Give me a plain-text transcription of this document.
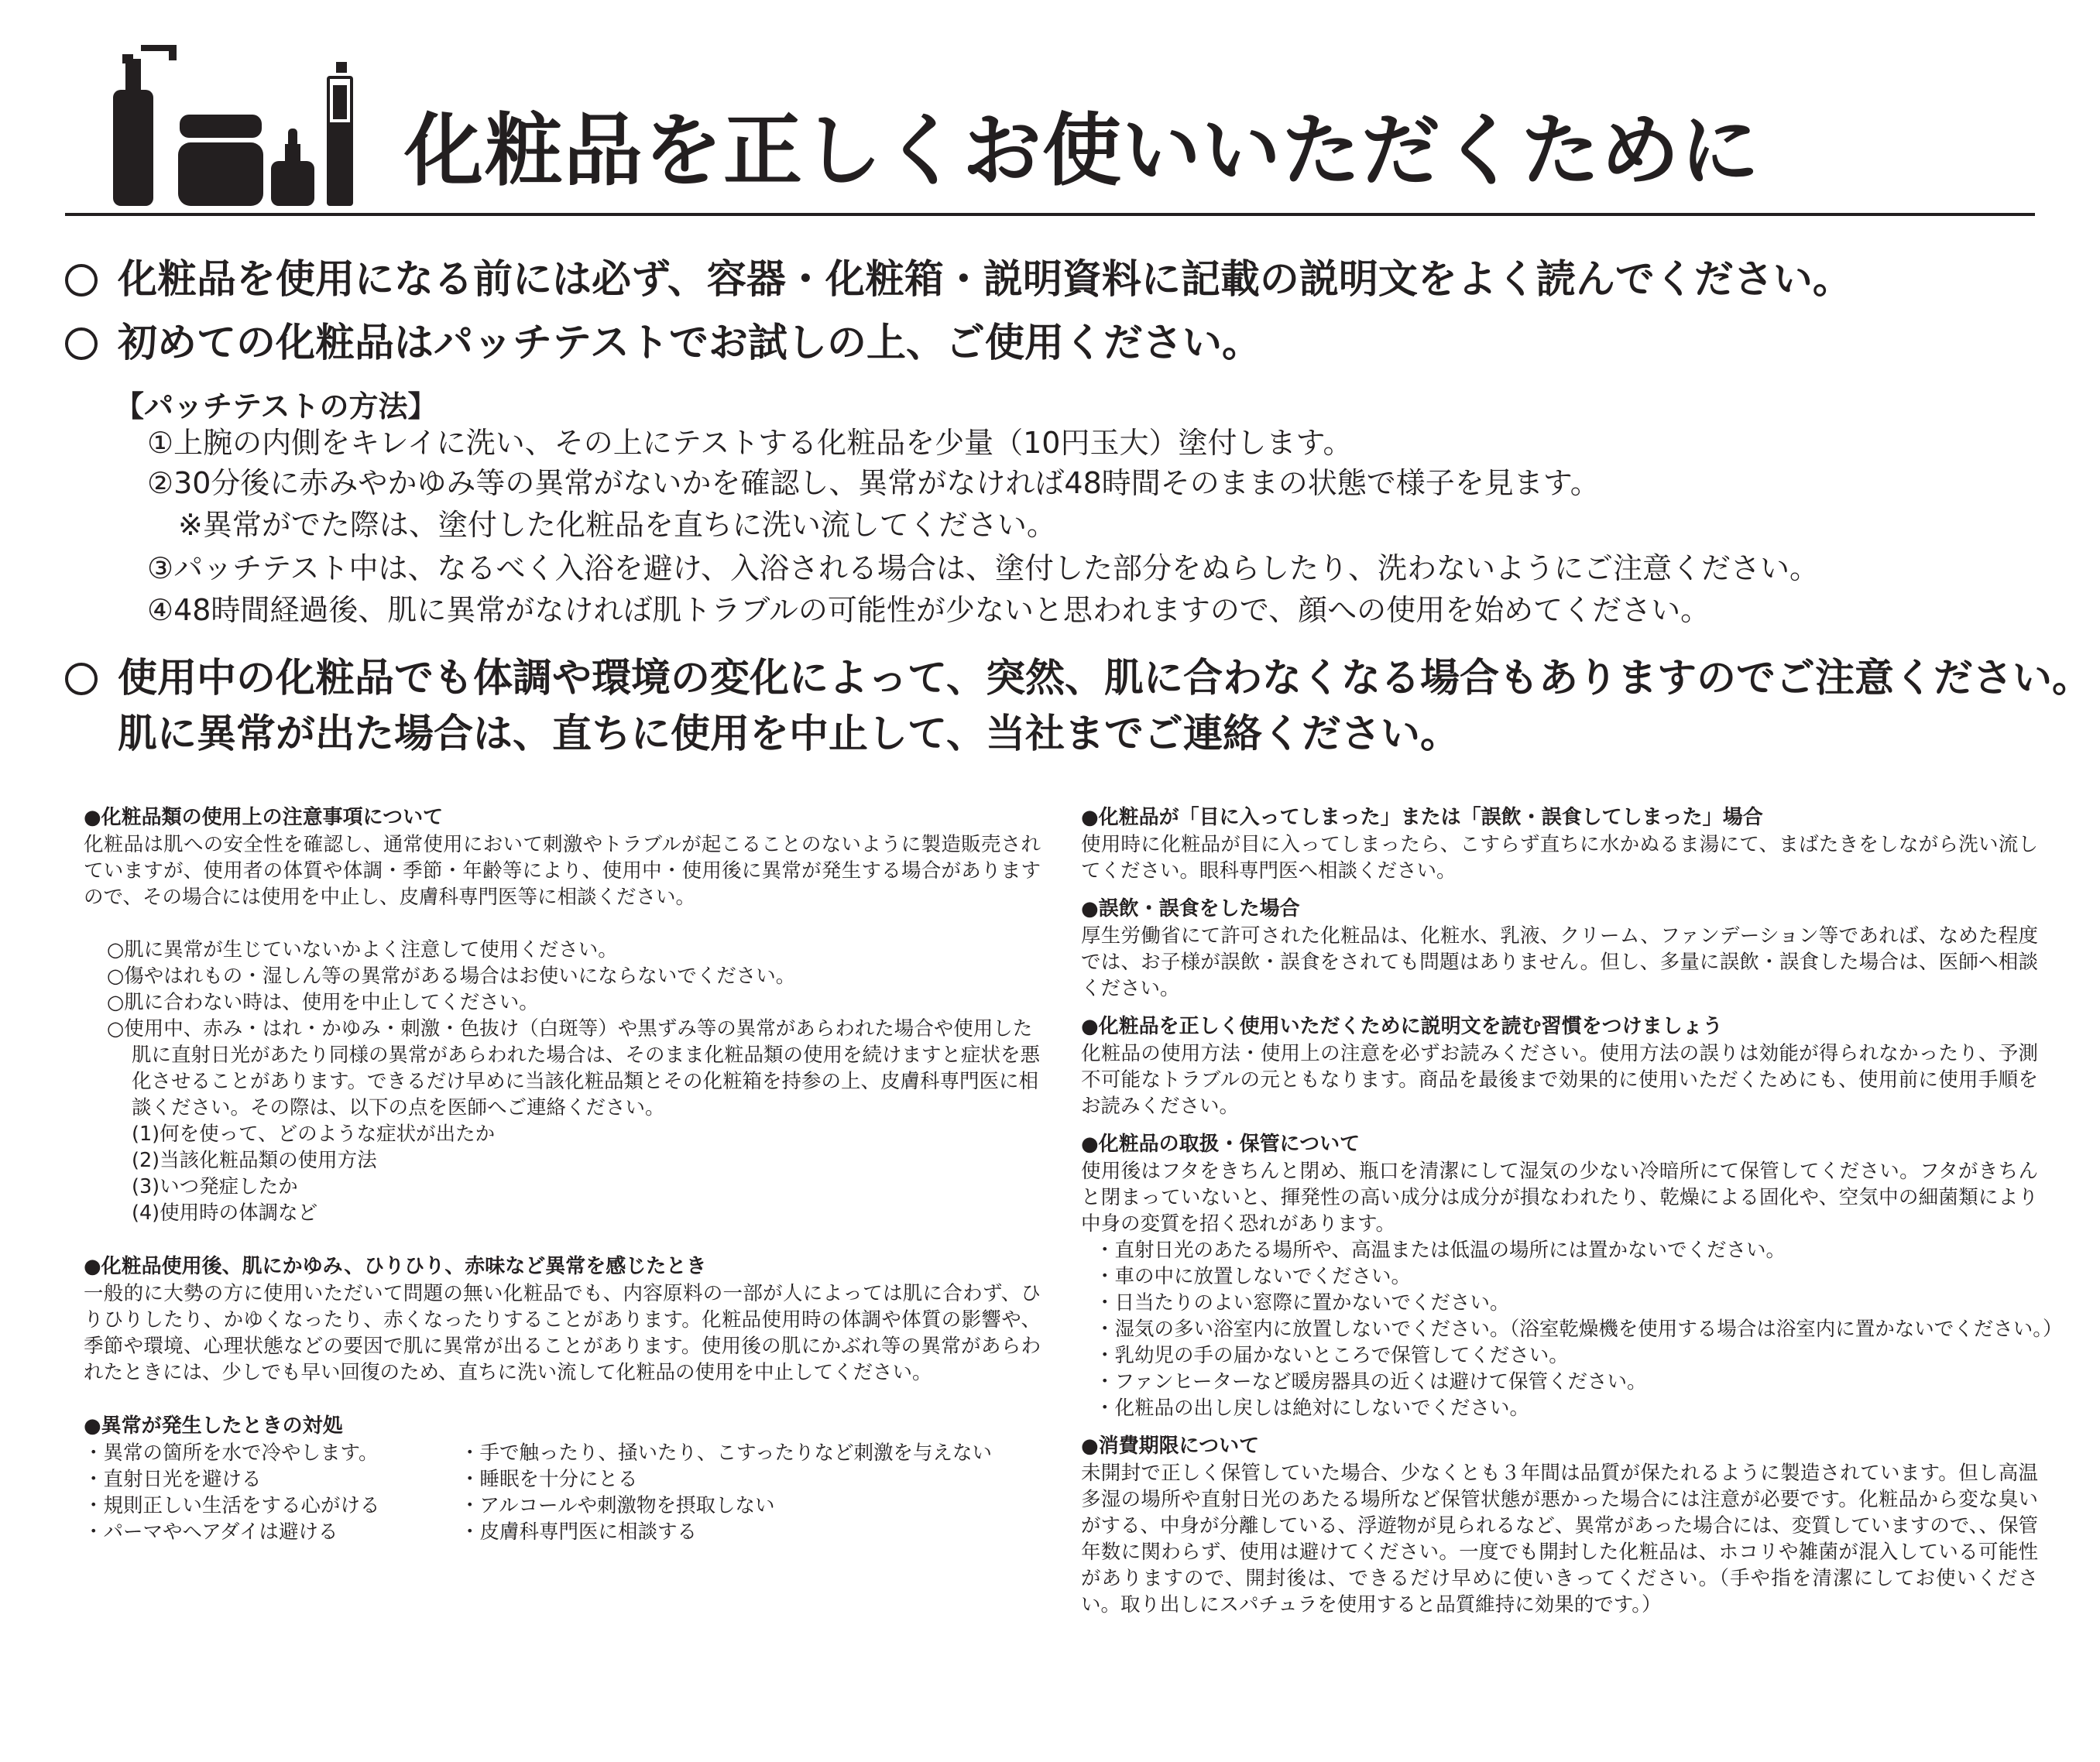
化粧品を正しくお使いいただくために

化粧品を使用になる前には必ず、容器・化粧箱・説明資料に記載の説明文をよく読んでください。

初めての化粧品はパッチテストでお試しの上、ご使用ください。

【パッチテストの方法】

①上腕の内側をキレイに洗い、その上にテストする化粧品を少量（10円玉大）塗付します。

②30分後に赤みやかゆみ等の異常がないかを確認し、異常がなければ48時間そのままの状態で様子を見ます。

※異常がでた際は、塗付した化粧品を直ちに洗い流してください。

③パッチテスト中は、なるべく入浴を避け、入浴される場合は、塗付した部分をぬらしたり、洗わないようにご注意ください。

④48時間経過後、肌に異常がなければ肌トラブルの可能性が少ないと思われますので、顔への使用を始めてください。

使用中の化粧品でも体調や環境の変化によって、突然、肌に合わなくなる場合もありますのでご注意ください。

肌に異常が出た場合は、直ちに使用を中止して、当社までご連絡ください。

●化粧品類の使用上の注意事項について

化粧品は肌への安全性を確認し、通常使用において刺激やトラブルが起こることのないように製造販売されていますが、使用者の体質や体調・季節・年齢等により、使用中・使用後に異常が発生する場合がありますので、その場合には使用を中止し、皮膚科専門医等に相談ください。

○肌に異常が生じていないかよく注意して使用ください。
○傷やはれもの・湿しん等の異常がある場合はお使いにならないでください。
○肌に合わない時は、使用を中止してください。
○使用中、赤み・はれ・かゆみ・刺激・色抜け（白斑等）や黒ずみ等の異常があらわれた場合や使用した肌に直射日光があたり同様の異常があらわれた場合は、そのまま化粧品類の使用を続けますと症状を悪化させることがあります。できるだけ早めに当該化粧品類とその化粧箱を持参の上、皮膚科専門医に相談ください。その際は、以下の点を医師へご連絡ください。
(1)何を使って、どのような症状が出たか
(2)当該化粧品類の使用方法
(3)いつ発症したか
(4)使用時の体調など

●化粧品使用後、肌にかゆみ、ひりひり、赤味など異常を感じたとき

一般的に大勢の方に使用いただいて問題の無い化粧品でも、内容原料の一部が人によっては肌に合わず、ひりひりしたり、かゆくなったり、赤くなったりすることがあります。化粧品使用時の体調や体質の影響や、季節や環境、心理状態などの要因で肌に異常が出ることがあります。使用後の肌にかぶれ等の異常があらわれたときには、少しでも早い回復のため、直ちに洗い流して化粧品の使用を中止してください。

●異常が発生したときの対処

・異常の箇所を水で冷やします。
・直射日光を避ける
・規則正しい生活をする心がける
・パーマやヘアダイは避ける
・手で触ったり、掻いたり、こすったりなど刺激を与えない
・睡眠を十分にとる
・アルコールや刺激物を摂取しない
・皮膚科専門医に相談する

●化粧品が「目に入ってしまった」または「誤飲・誤食してしまった」場合

使用時に化粧品が目に入ってしまったら、こすらず直ちに水かぬるま湯にて、まばたきをしながら洗い流してください。眼科専門医へ相談ください。

●誤飲・誤食をした場合

厚生労働省にて許可された化粧品は、化粧水、乳液、クリーム、ファンデーション等であれば、なめた程度では、お子様が誤飲・誤食をされても問題はありません。但し、多量に誤飲・誤食した場合は、医師へ相談ください。

●化粧品を正しく使用いただくために説明文を読む習慣をつけましょう

化粧品の使用方法・使用上の注意を必ずお読みください。使用方法の誤りは効能が得られなかったり、予測不可能なトラブルの元ともなります。商品を最後まで効果的に使用いただくためにも、使用前に使用手順をお読みください。

●化粧品の取扱・保管について

使用後はフタをきちんと閉め、瓶口を清潔にして湿気の少ない冷暗所にて保管してください。フタがきちんと閉まっていないと、揮発性の高い成分は成分が損なわれたり、乾燥による固化や、空気中の細菌類により中身の変質を招く恐れがあります。

・直射日光のあたる場所や、高温または低温の場所には置かないでください。
・車の中に放置しないでください。
・日当たりのよい窓際に置かないでください。
・湿気の多い浴室内に放置しないでください。（浴室乾燥機を使用する場合は浴室内に置かないでください。）
・乳幼児の手の届かないところで保管してください。
・ファンヒーターなど暖房器具の近くは避けて保管ください。
・化粧品の出し戻しは絶対にしないでください。

●消費期限について

未開封で正しく保管していた場合、少なくとも３年間は品質が保たれるように製造されています。但し高温多湿の場所や直射日光のあたる場所など保管状態が悪かった場合には注意が必要です。化粧品から変な臭いがする、中身が分離している、浮遊物が見られるなど、異常があった場合には、変質していますので、、保管年数に関わらず、使用は避けてください。一度でも開封した化粧品は、ホコリや雑菌が混入している可能性がありますので、開封後は、できるだけ早めに使いきってください。（手や指を清潔にしてお使いください。取り出しにスパチュラを使用すると品質維持に効果的です。）
